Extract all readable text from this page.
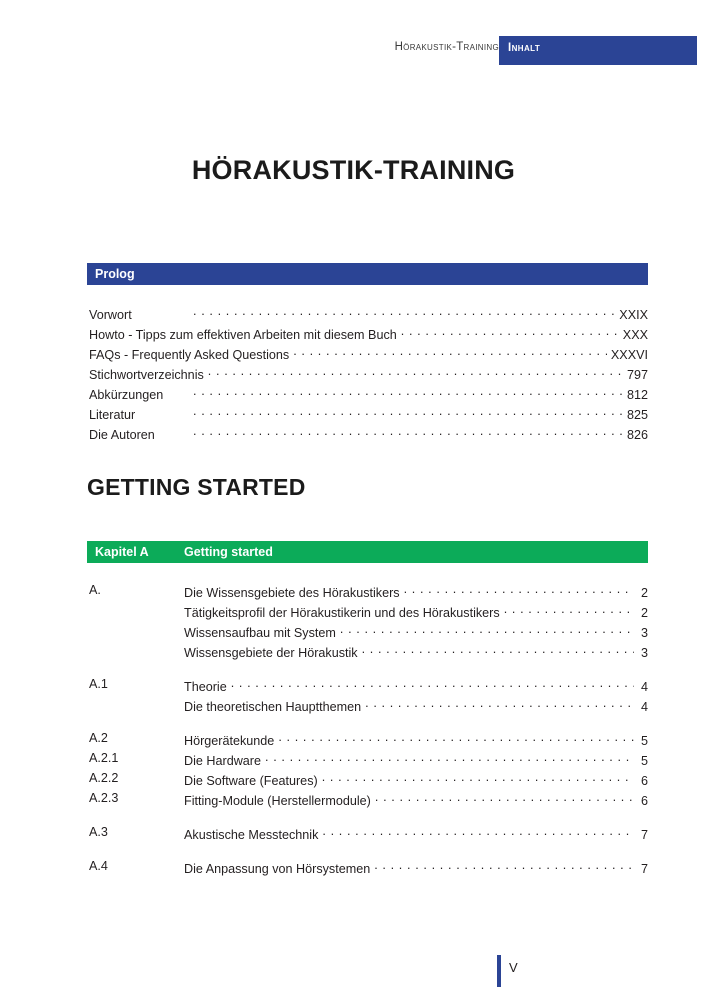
Hörakustik-Training Inhalt
HÖRAKUSTIK-TRAINING
Prolog
Vorwort . . .	XXIX
Howto - Tipps zum effektiven Arbeiten mit diesem Buch . . .	XXX
FAQs - Frequently Asked Questions . . .	XXXVI
Stichwortverzeichnis . . .	797
Abkürzungen . . .	812
Literatur . . .	825
Die Autoren . . .	826
GETTING STARTED
Kapitel A	Getting started
A.	Die Wissensgebiete des Hörakustikers . . .	2
Tätigkeitsprofil der Hörakustikerin und des Hörakustikers . . .	2
Wissensaufbau mit System . . .	3
Wissensgebiete der Hörakustik . . .	3
A.1	Theorie . . .	4
Die theoretischen Hauptthemen . . .	4
A.2	Hörgerätekunde . . .	5
A.2.1	Die Hardware . . .	5
A.2.2	Die Software (Features) . . .	6
A.2.3	Fitting-Module (Herstellermodule) . . .	6
A.3	Akustische Messtechnik . . .	7
A.4	Die Anpassung von Hörsystemen . . .	7
V
